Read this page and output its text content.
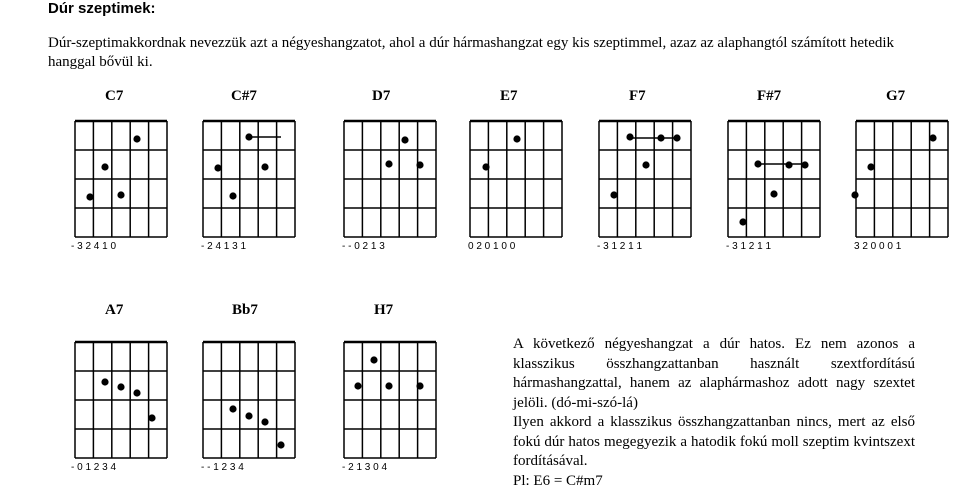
Dúr szeptimek:
Dúr-szeptimakkordnak nevezzük azt a négyeshangzatot, ahol a dúr hármashangzat egy kis szeptimmel, azaz az alaphangtól számított hetedik hanggal bővül ki.
C7	C#7	D7	E7	F7	F#7	G7
A7	Bb7	H7
- 3 2 4 1 0	- 2 4 1 3 1	- - 0 2 1 3	0 2 0 1 0 0	- 3 1 2 1 1	- 3 1 2 1 1	3 2 0 0 0 1
- 0 1 2 3 4	- - 1 2 3 4	- 2 1 3 0 4

A következő négyeshangzat a dúr hatos. Ez nem azonos a klasszikus összhangzattanban használt szextfordítású hármashangzattal, hanem az alaphármashoz adott nagy szextet jelöli. (dó-mi-szó-lá)

Ilyen akkord a klasszikus összhangzattanban nincs, mert az első fokú dúr hatos megegyezik a hatodik fokú moll szeptim kvintszext fordításával.

Pl: E6 = C#m7
